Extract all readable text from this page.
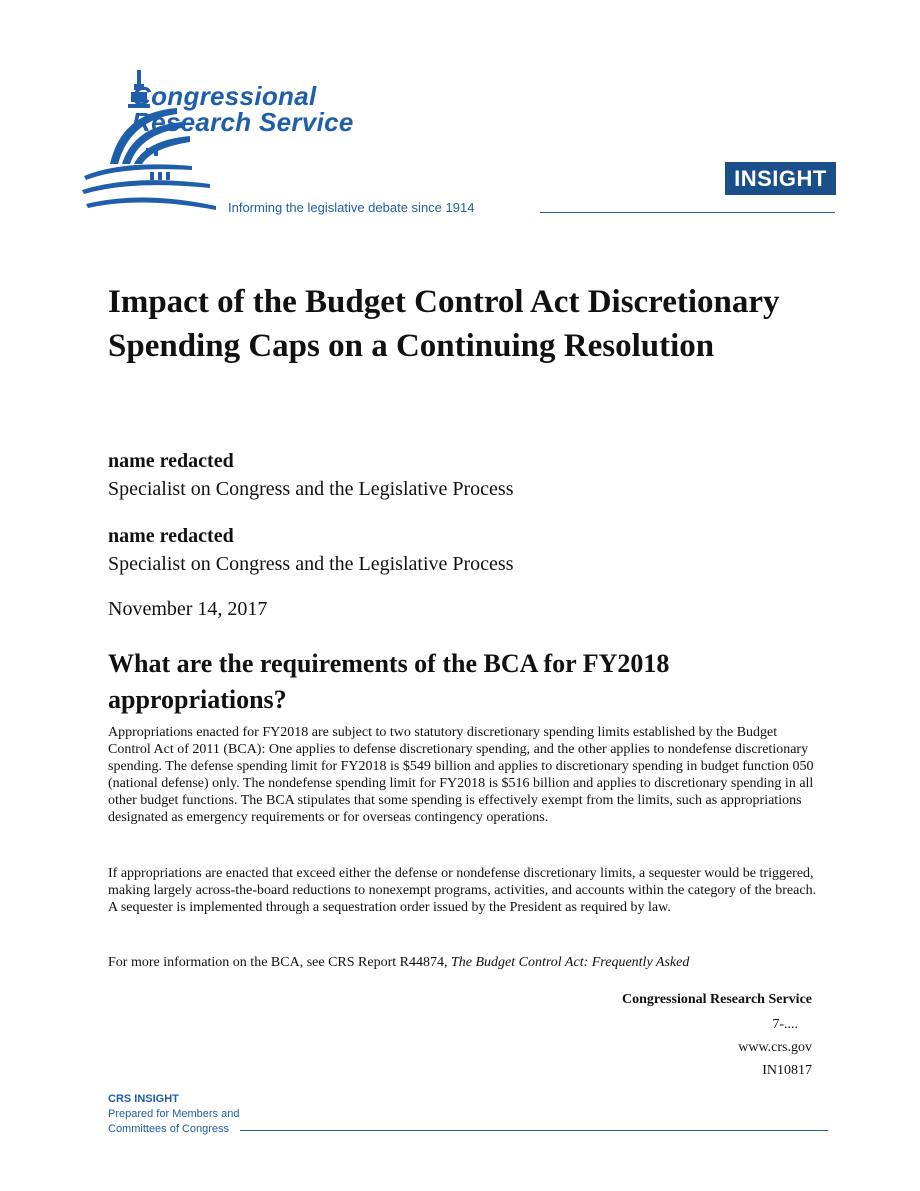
Congressional
Research Service
Informing the legislative debate since 1914
INSIGHT
Impact of the Budget Control Act Discretionary Spending Caps on a Continuing Resolution
name redacted
Specialist on Congress and the Legislative Process
name redacted
Specialist on Congress and the Legislative Process
November 14, 2017
What are the requirements of the BCA for FY2018 appropriations?

Appropriations enacted for FY2018 are subject to two statutory discretionary spending limits established by the Budget Control Act of 2011 (BCA): One applies to defense discretionary spending, and the other applies to nondefense discretionary spending. The defense spending limit for FY2018 is $549 billion and applies to discretionary spending in budget function 050 (national defense) only. The nondefense spending limit for FY2018 is $516 billion and applies to discretionary spending in all other budget functions. The BCA stipulates that some spending is effectively exempt from the limits, such as appropriations designated as emergency requirements or for overseas contingency operations.

If appropriations are enacted that exceed either the defense or nondefense discretionary limits, a sequester would be triggered, making largely across-the-board reductions to nonexempt programs, activities, and accounts within the category of the breach. A sequester is implemented through a sequestration order issued by the President as required by law.

For more information on the BCA, see CRS Report R44874, The Budget Control Act: Frequently Asked

Congressional Research Service
7-....
www.crs.gov
IN10817
CRS INSIGHT
Prepared for Members and
Committees of Congress
